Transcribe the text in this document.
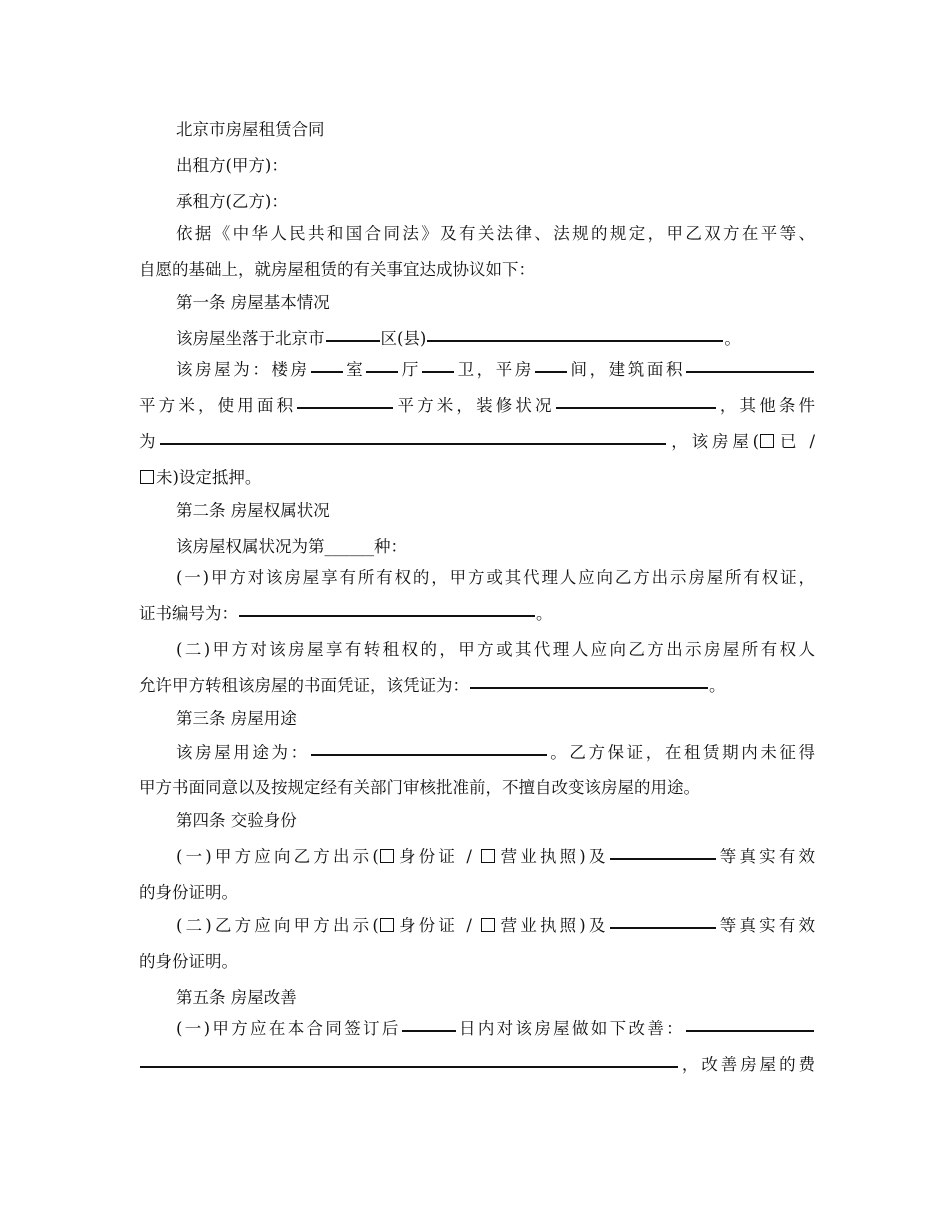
北京市房屋租赁合同
出租方(甲方)：
承租方(乙方)：
依据《中华人民共和国合同法》及有关法律、法规的规定，甲乙双方在平等、
自愿的基础上，就房屋租赁的有关事宜达成协议如下：
第一条 房屋基本情况
该房屋坐落于北京市	区(县)	。
该房屋为：楼房 室 厅 卫，平房 间，建筑面积
平方米，使用面积	平方米，装修状况	，其他条件
为	，该房屋( 已 /
未)设定抵押。
第二条 房屋权属状况
该房屋权属状况为第______种：
(一)甲方对该房屋享有所有权的，甲方或其代理人应向乙方出示房屋所有权证，
证书编号为：	。
(二)甲方对该房屋享有转租权的，甲方或其代理人应向乙方出示房屋所有权人
允许甲方转租该房屋的书面凭证，该凭证为：	。
第三条 房屋用途
该房屋用途为：	。乙方保证，在租赁期内未征得
甲方书面同意以及按规定经有关部门审核批准前，不擅自改变该房屋的用途。
第四条 交验身份
(一)甲方应向乙方出示( 身份证 / 营业执照)及	等真实有效
的身份证明。
(二)乙方应向甲方出示( 身份证 / 营业执照)及	等真实有效
的身份证明。
第五条 房屋改善
(一)甲方应在本合同签订后	日内对该房屋做如下改善：
，改善房屋的费
